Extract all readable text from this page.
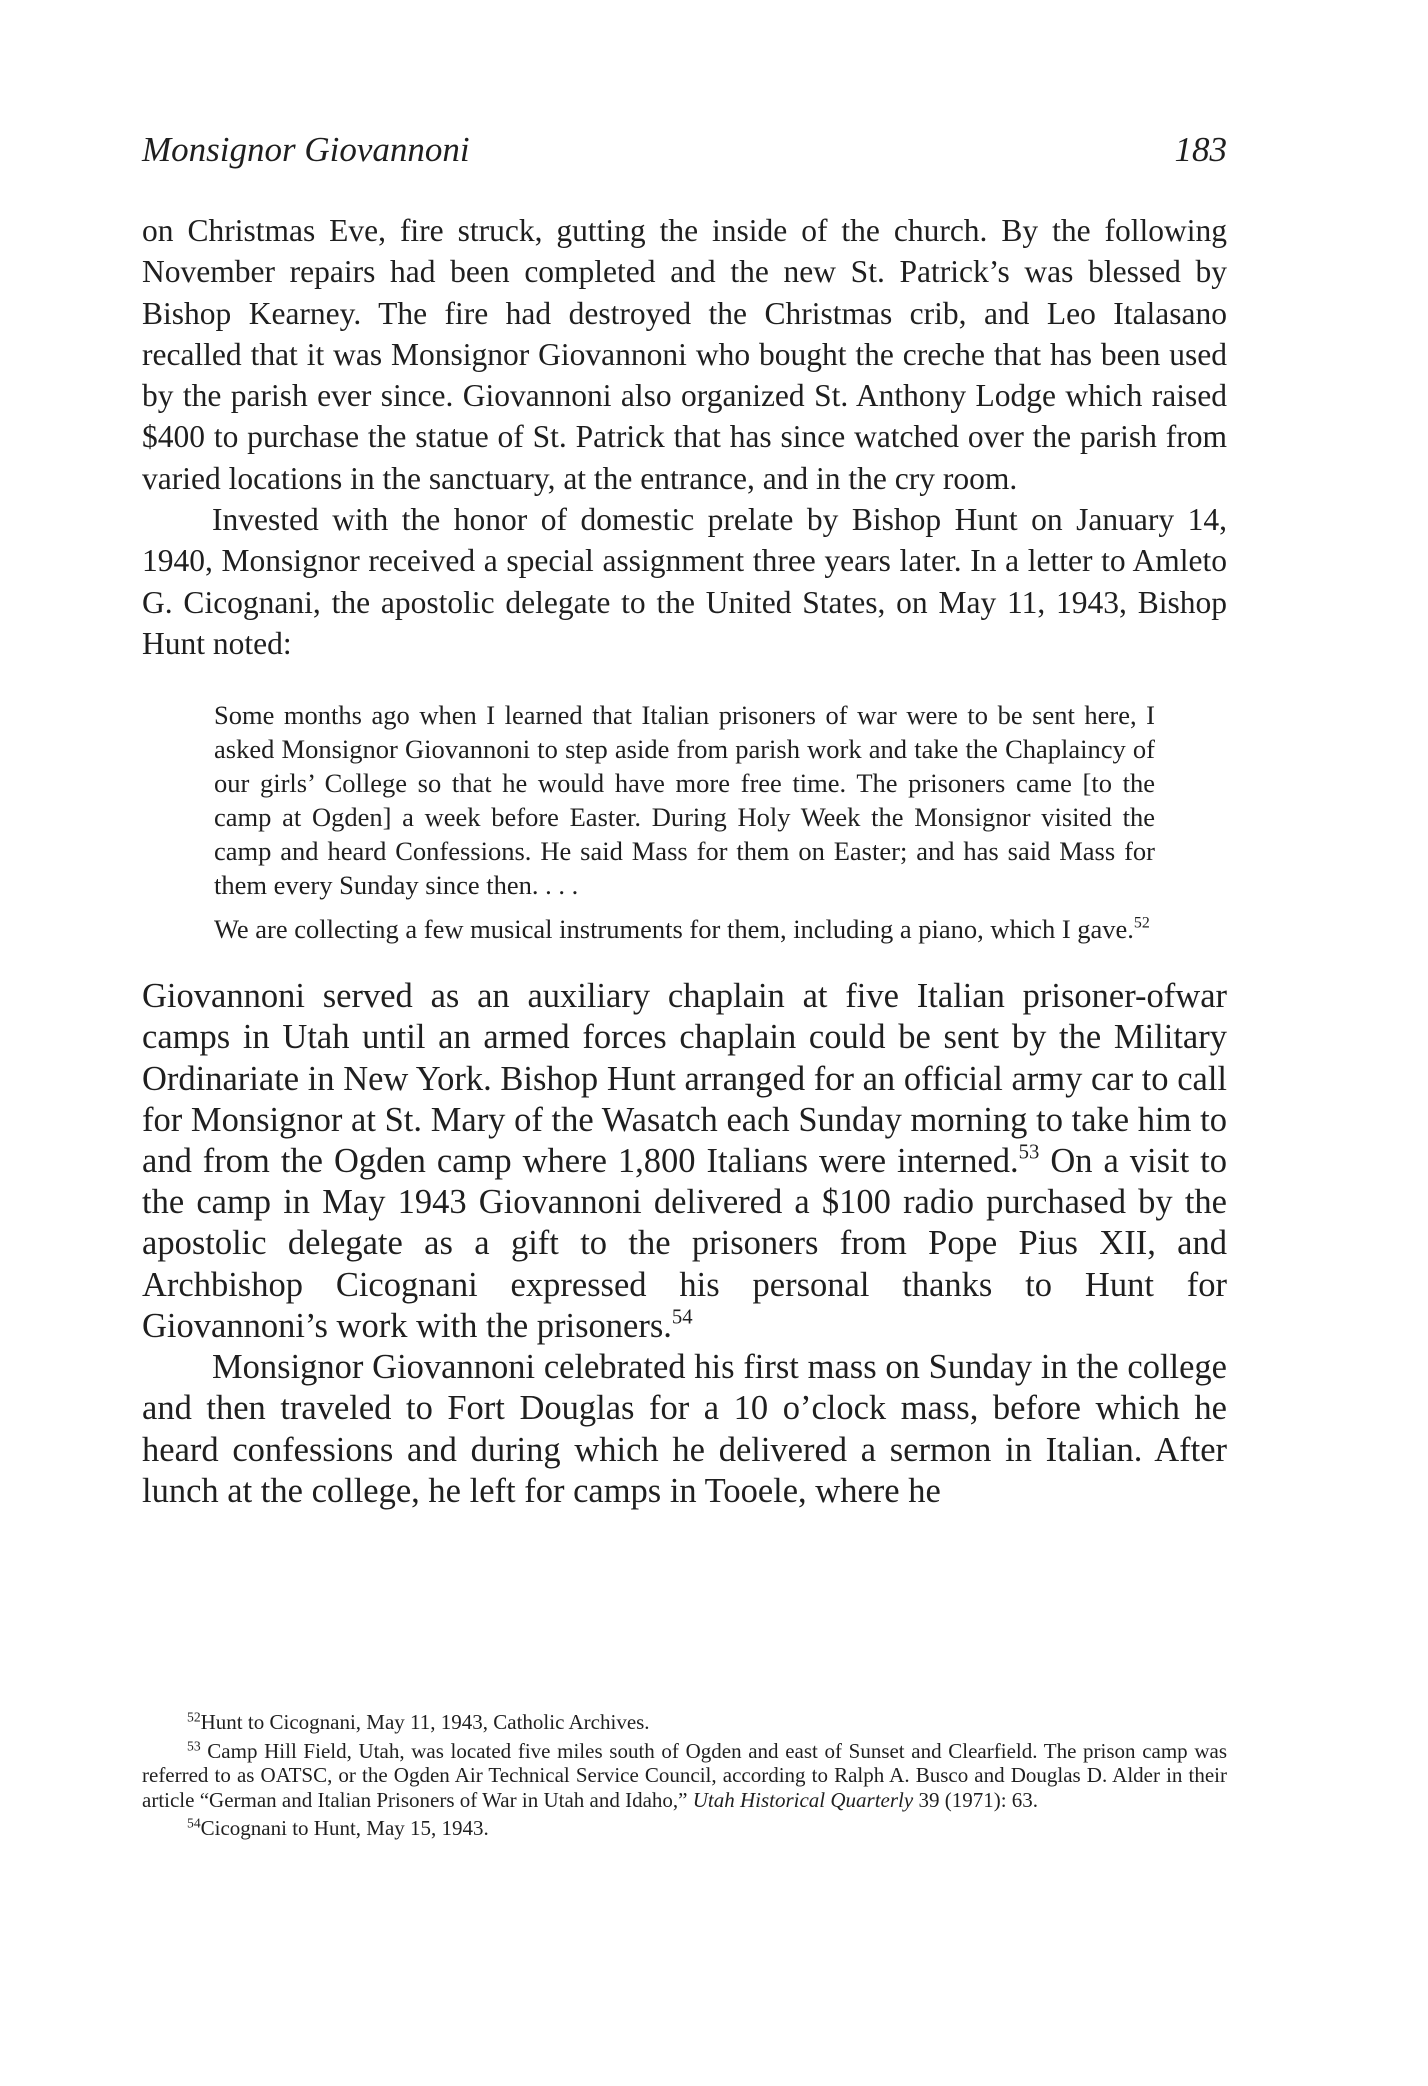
Monsignor Giovannoni	183

on Christmas Eve, fire struck, gutting the inside of the church. By the following November repairs had been completed and the new St. Patrick’s was blessed by Bishop Kearney. The fire had destroyed the Christmas crib, and Leo Italasano recalled that it was Monsignor Giovannoni who bought the creche that has been used by the parish ever since. Giovannoni also organized St. Anthony Lodge which raised $400 to purchase the statue of St. Patrick that has since watched over the parish from varied locations in the sanctuary, at the entrance, and in the cry room.

Invested with the honor of domestic prelate by Bishop Hunt on January 14, 1940, Monsignor received a special assignment three years later. In a letter to Amleto G. Cicognani, the apostolic delegate to the United States, on May 11, 1943, Bishop Hunt noted:

Some months ago when I learned that Italian prisoners of war were to be sent here, I asked Monsignor Giovannoni to step aside from parish work and take the Chaplaincy of our girls’ College so that he would have more free time. The prisoners came [to the camp at Ogden] a week before Easter. During Holy Week the Monsignor visited the camp and heard Confessions. He said Mass for them on Easter; and has said Mass for them every Sunday since then. . . .

We are collecting a few musical instruments for them, including a piano, which I gave.$^{52}$

Giovannoni served as an auxiliary chaplain at five Italian prisoner-ofwar camps in Utah until an armed forces chaplain could be sent by the Military Ordinariate in New York. Bishop Hunt arranged for an official army car to call for Monsignor at St. Mary of the Wasatch each Sunday morning to take him to and from the Ogden camp where 1,800 Italians were interned.$^{53}$ On a visit to the camp in May 1943 Giovannoni delivered a $100 radio purchased by the apostolic delegate as a gift to the prisoners from Pope Pius XII, and Archbishop Cicognani expressed his personal thanks to Hunt for Giovannoni’s work with the prisoners.$^{54}$

Monsignor Giovannoni celebrated his first mass on Sunday in the college and then traveled to Fort Douglas for a 10 o’clock mass, before which he heard confessions and during which he delivered a sermon in Italian. After lunch at the college, he left for camps in Tooele, where he

$^{52}$Hunt to Cicognani, May 11, 1943, Catholic Archives.

$^{53}$ Camp Hill Field, Utah, was located five miles south of Ogden and east of Sunset and Clearfield. The prison camp was referred to as OATSC, or the Ogden Air Technical Service Council, according to Ralph A. Busco and Douglas D. Alder in their article “German and Italian Prisoners of War in Utah and Idaho,” Utah Historical Quarterly 39 (1971): 63.

$^{54}$Cicognani to Hunt, May 15, 1943.
